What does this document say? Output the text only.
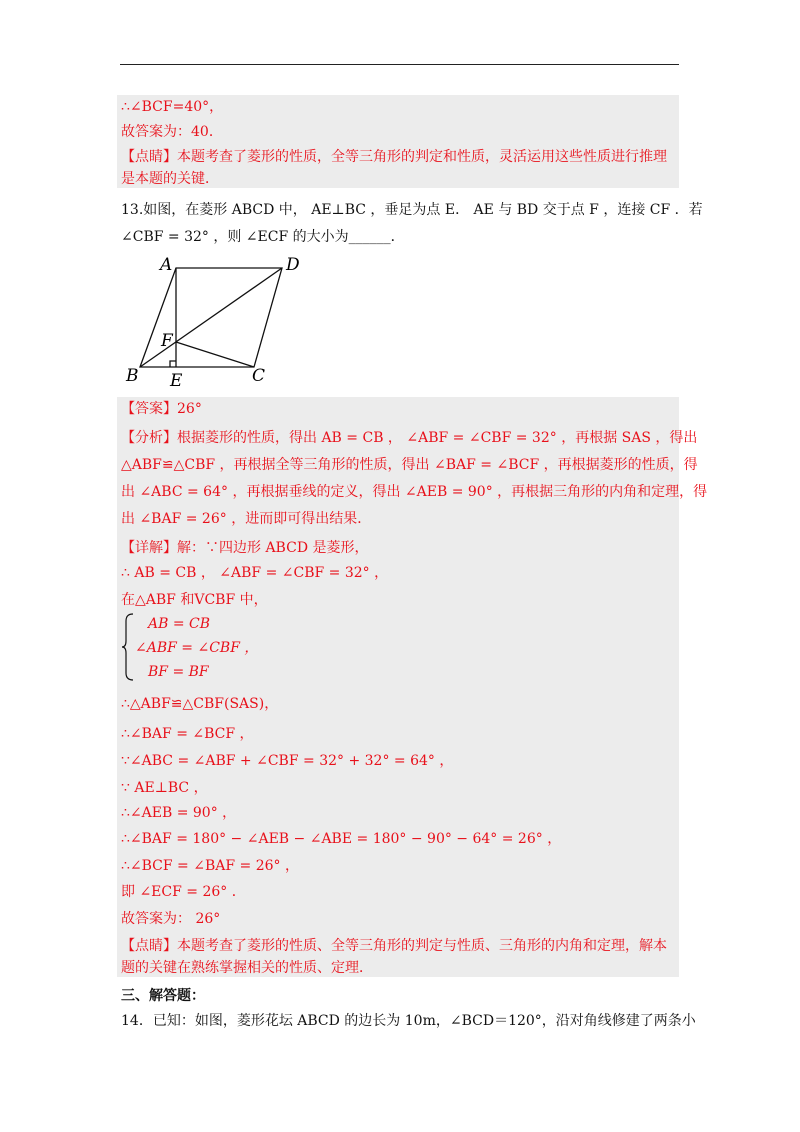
∴∠BCF=40°，
故答案为：40．
【点睛】本题考查了菱形的性质，全等三角形的判定和性质，灵活运用这些性质进行推理
是本题的关键．
13.如图，在菱形 ABCD 中， AE⊥BC ，垂足为点 E． AE 与 BD 交于点 F ，连接 CF ．若
∠CBF = 32° ，则 ∠ECF 的大小为______．
A	D
F
B E	C
【答案】26°
【分析】根据菱形的性质，得出 AB = CB ， ∠ABF = ∠CBF = 32° ，再根据 SAS ，得出
△ABF≌△CBF ，再根据全等三角形的性质，得出 ∠BAF = ∠BCF ，再根据菱形的性质，得
出 ∠ABC = 64° ，再根据垂线的定义，得出 ∠AEB = 90° ，再根据三角形的内角和定理，得
出 ∠BAF = 26° ，进而即可得出结果．
【详解】解：∵四边形 ABCD 是菱形，
∴ AB = CB ， ∠ABF = ∠CBF = 32° ，
在△ABF 和VCBF 中，
AB = CB
∠ABF = ∠CBF ，
BF = BF
∴△ABF≌△CBF(SAS)，
∴∠BAF = ∠BCF ，
∵∠ABC = ∠ABF + ∠CBF = 32° + 32° = 64° ，
∵ AE⊥BC ，
∴∠AEB = 90° ，
∴∠BAF = 180° − ∠AEB − ∠ABE = 180° − 90° − 64° = 26° ，
∴∠BCF = ∠BAF = 26° ，
即 ∠ECF = 26° ．
故答案为： 26°
【点睛】本题考查了菱形的性质、全等三角形的判定与性质、三角形的内角和定理，解本
题的关键在熟练掌握相关的性质、定理．
三、解答题：
14．已知：如图，菱形花坛 ABCD 的边长为 10m，∠BCD＝120°，沿对角线修建了两条小
